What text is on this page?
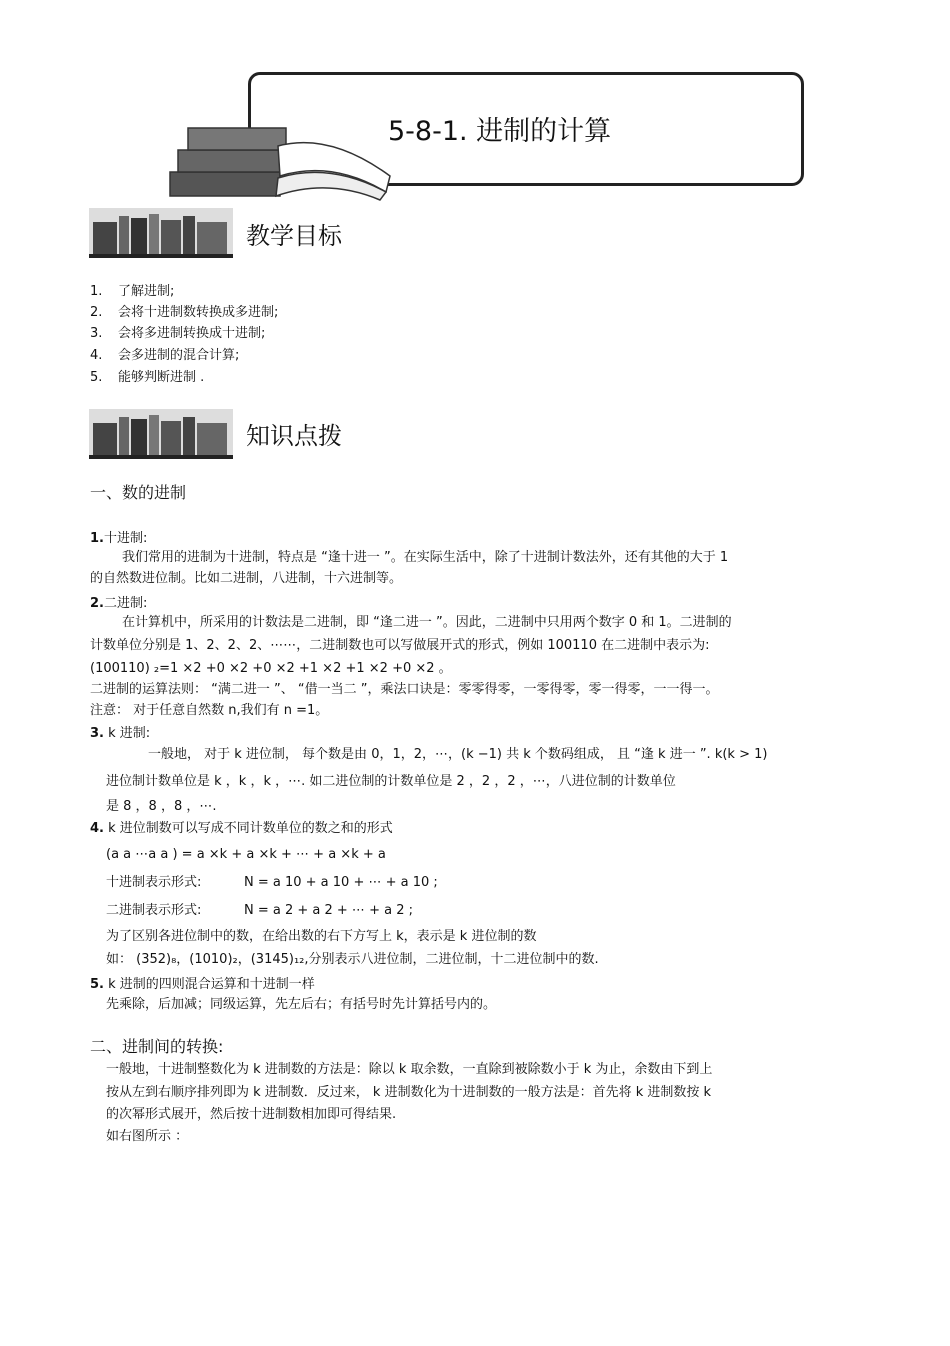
5-8-1. 进制的计算
教学目标
1. 了解进制;
2. 会将十进制数转换成多进制;
3. 会将多进制转换成十进制;
4. 会多进制的混合计算;
5. 能够判断进制 .
知识点拨
一、数的进制
1.十进制:
我们常用的进制为十进制，特点是 “逢十进一 ”。在实际生活中，除了十进制计数法外，还有其他的大于 1
的自然数进位制。比如二进制，八进制，十六进制等。
2.二进制:
在计算机中，所采用的计数法是二进制，即 “逢二进一 ”。因此，二进制中只用两个数字 0 和 1。二进制的
计数单位分别是 1、2、2、2、⋯⋯，二进制数也可以写做展开式的形式，例如 100110 在二进制中表示为:
(100110) ₂=1 ×2 +0 ×2 +0 ×2 +1 ×2 +1 ×2 +0 ×2 。
二进制的运算法则： “满二进一 ”、 “借一当二 ”，乘法口诀是：零零得零，一零得零，零一得零，一一得一。
注意： 对于任意自然数 n,我们有 n =1。
3. k 进制:
一般地， 对于 k 进位制， 每个数是由 0，1，2，⋯，(k −1) 共 k 个数码组成， 且 “逢 k 进一 ”. k(k > 1)
进位制计数单位是 k ，k ，k ，⋯. 如二进位制的计数单位是 2 ，2 ，2 ，⋯，八进位制的计数单位
是 8 ，8 ，8 ，⋯.
4. k 进位制数可以写成不同计数单位的数之和的形式
(a a ⋯a a ) = a ×k + a ×k + ⋯ + a ×k + a
十进制表示形式:	N = a 10 + a 10 + ⋯ + a 10 ;
二进制表示形式:	N = a 2 + a 2 + ⋯ + a 2 ;
为了区别各进位制中的数，在给出数的右下方写上 k，表示是 k 进位制的数
如： (352)₈，(1010)₂，(3145)₁₂,分别表示八进位制，二进位制，十二进位制中的数.
5. k 进制的四则混合运算和十进制一样
先乘除，后加减；同级运算，先左后右；有括号时先计算括号内的。
二、进制间的转换:
一般地，十进制整数化为 k 进制数的方法是：除以 k 取余数，一直除到被除数小于 k 为止，余数由下到上
按从左到右顺序排列即为 k 进制数．反过来， k 进制数化为十进制数的一般方法是：首先将 k 进制数按 k
的次幂形式展开，然后按十进制数相加即可得结果.
如右图所示 ：
